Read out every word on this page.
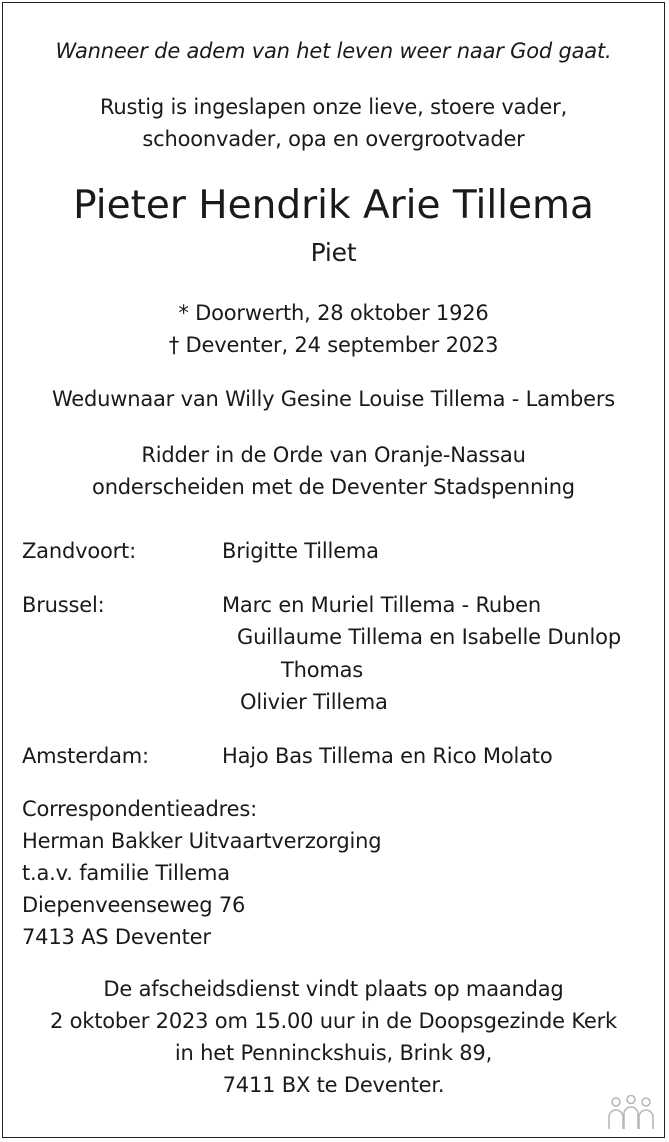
Wanneer de adem van het leven weer naar God gaat.
Rustig is ingeslapen onze lieve, stoere vader,
schoonvader, opa en overgrootvader
Pieter Hendrik Arie Tillema
Piet
* Doorwerth, 28 oktober 1926
† Deventer, 24 september 2023
Weduwnaar van Willy Gesine Louise Tillema - Lambers
Ridder in de Orde van Oranje-Nassau
onderscheiden met de Deventer Stadspenning
Zandvoort:	Brigitte Tillema
Brussel:	Marc en Muriel Tillema - Ruben
Guillaume Tillema en Isabelle Dunlop
Thomas
Olivier Tillema
Amsterdam:	Hajo Bas Tillema en Rico Molato
Correspondentieadres:
Herman Bakker Uitvaartverzorging
t.a.v. familie Tillema
Diepenveenseweg 76
7413 AS Deventer
De afscheidsdienst vindt plaats op maandag
2 oktober 2023 om 15.00 uur in de Doopsgezinde Kerk
in het Penninckshuis, Brink 89,
7411 BX te Deventer.
